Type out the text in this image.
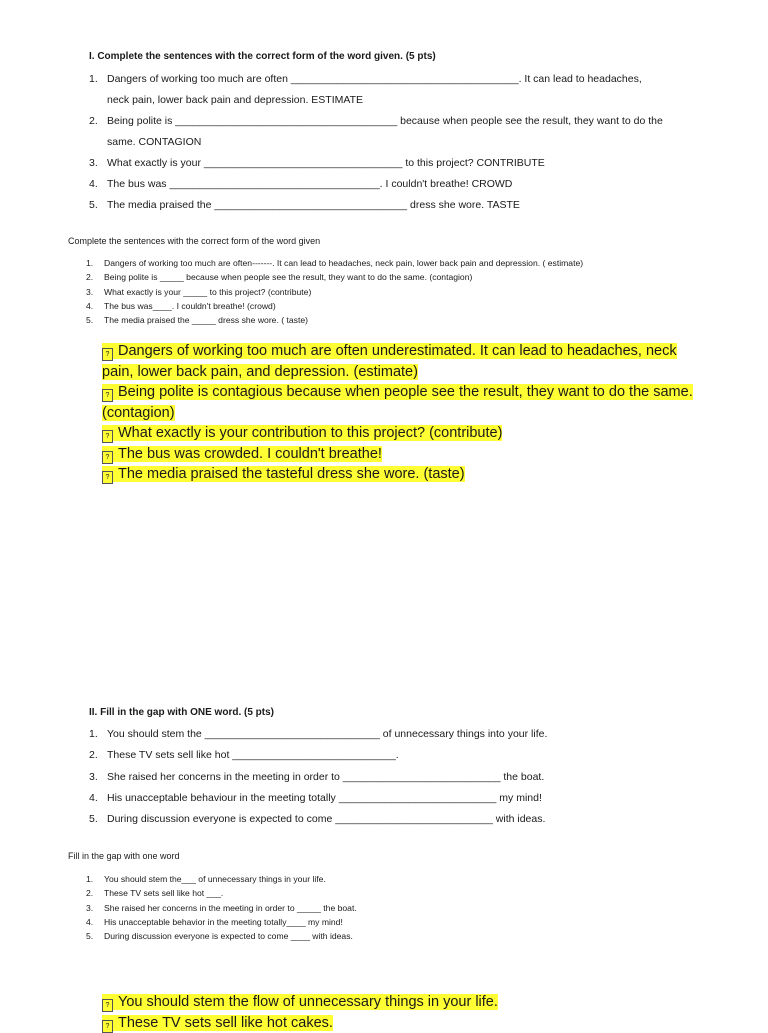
I. Complete the sentences with the correct form of the word given. (5 pts)
1. Dangers of working too much are often _______________________________________. It can lead to headaches,
neck pain, lower back pain and depression. ESTIMATE
2. Being polite is ______________________________________ because when people see the result, they want to do the
same. CONTAGION
3. What exactly is your __________________________________ to this project? CONTRIBUTE
4. The bus was ____________________________________. I couldn't breathe! CROWD
5. The media praised the _________________________________ dress she wore. TASTE
Complete the sentences with the correct form of the word given
1. Dangers of working too much are often-------. It can lead to headaches, neck pain, lower back pain and depression. ( estimate)
2. Being polite is _____ because when people see the result, they want to do the same. (contagion)
3. What exactly is your _____ to this project? (contribute)
4. The bus was____. I couldn't breathe! (crowd)
5. The media praised the _____ dress she wore. ( taste)

? Dangers of working too much are often underestimated. It can lead to headaches, neck pain, lower back pain, and depression. (estimate)

? Being polite is contagious because when people see the result, they want to do the same. (contagion)

? What exactly is your contribution to this project? (contribute)

? The bus was crowded. I couldn't breathe!

? The media praised the tasteful dress she wore. (taste)

II. Fill in the gap with ONE word. (5 pts)
1. You should stem the ______________________________ of unnecessary things into your life.
2. These TV sets sell like hot ____________________________.
3. She raised her concerns in the meeting in order to ___________________________ the boat.
4. His unacceptable behaviour in the meeting totally ___________________________ my mind!
5. During discussion everyone is expected to come ___________________________ with ideas.
Fill in the gap with one word
1. You should stem the___ of unnecessary things in your life.
2. These TV sets sell like hot ___.
3. She raised her concerns in the meeting in order to _____ the boat.
4. His unacceptable behavior in the meeting totally____ my mind!
5. During discussion everyone is expected to come ____ with ideas.

? You should stem the flow of unnecessary things in your life.

? These TV sets sell like hot cakes.
